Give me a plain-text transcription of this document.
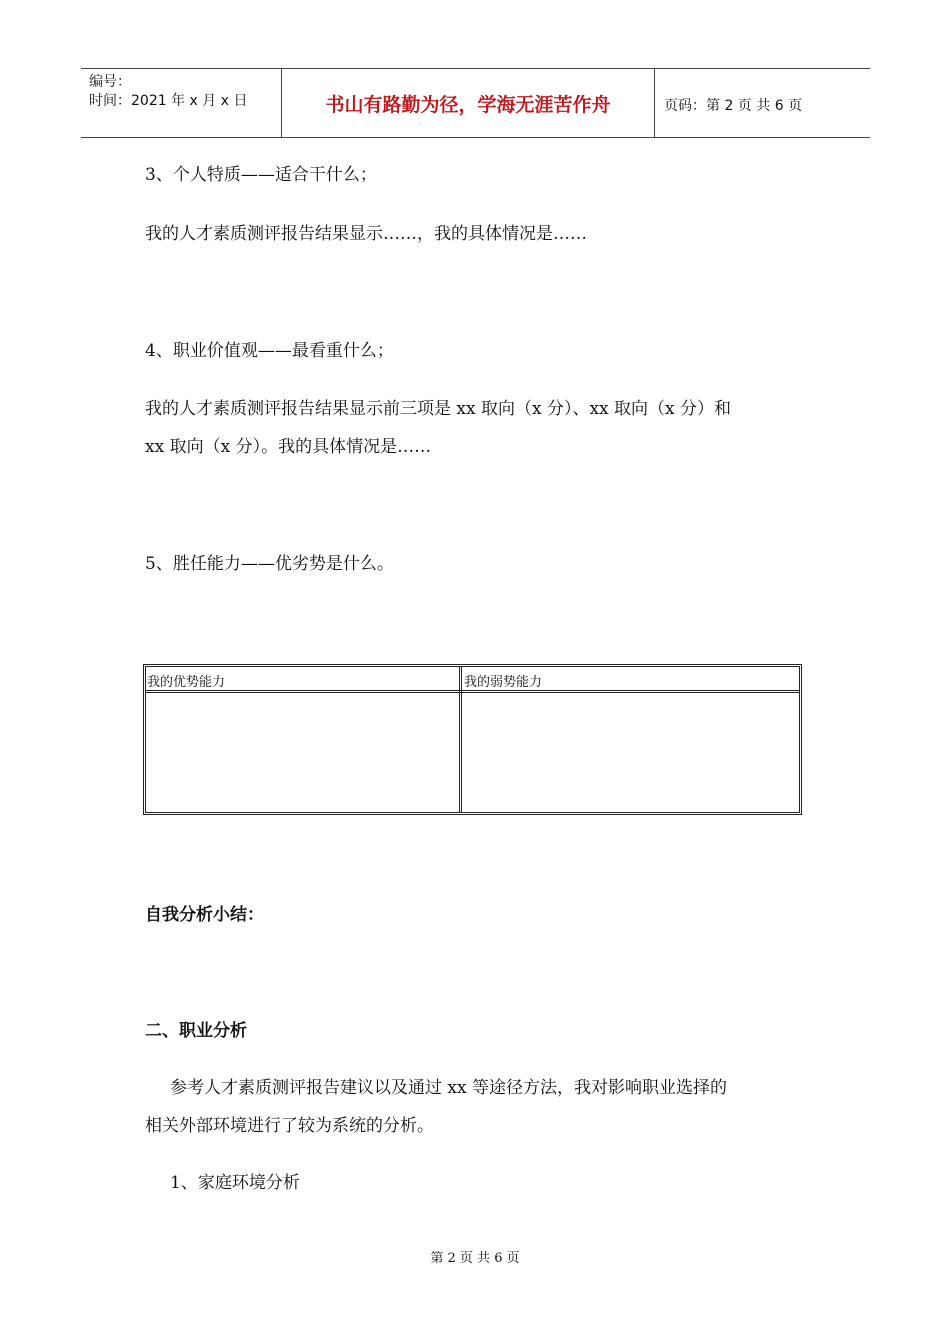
编号：
时间：2021 年 x 月 x 日	书山有路勤为径，学海无涯苦作舟	页码：第 2 页 共 6 页
3、个人特质——适合干什么；
我的人才素质测评报告结果显示……，我的具体情况是……
4、职业价值观——最看重什么；
我的人才素质测评报告结果显示前三项是 xx 取向（x 分）、xx 取向（x 分）和
xx 取向（x 分）。我的具体情况是……
5、胜任能力——优劣势是什么。
我的优势能力	我的弱势能力
自我分析小结：
二、职业分析
参考人才素质测评报告建议以及通过 xx 等途径方法，我对影响职业选择的
相关外部环境进行了较为系统的分析。
1、家庭环境分析
第 2 页 共 6 页
